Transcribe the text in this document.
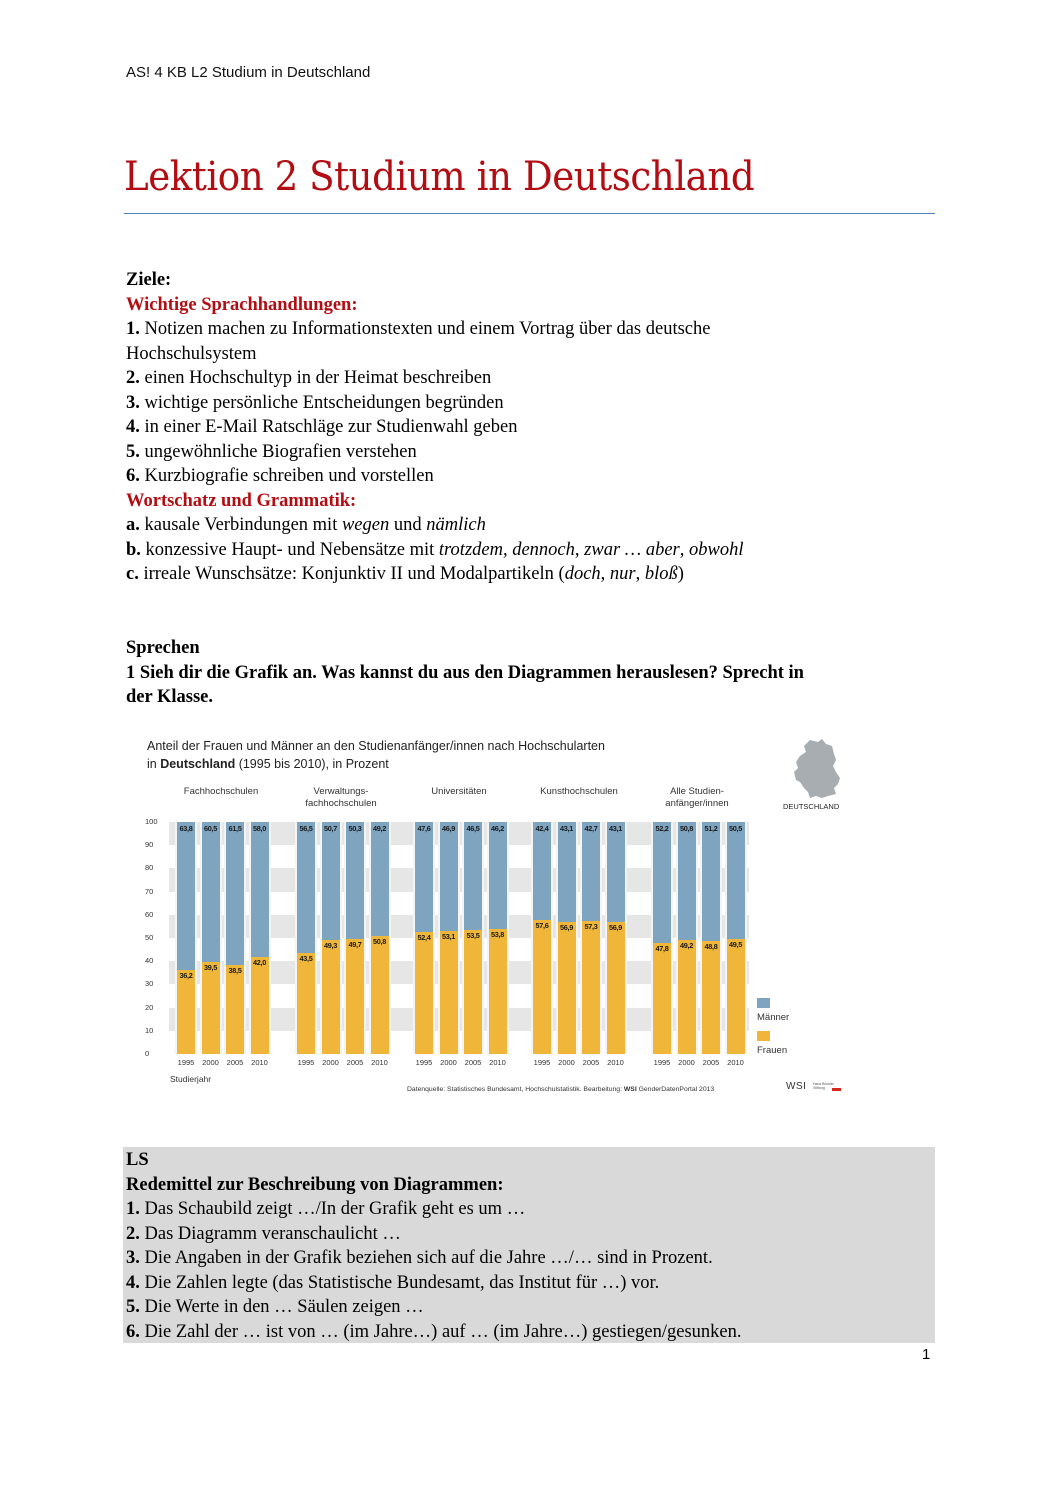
AS! 4 KB L2 Studium in Deutschland
Lektion 2 Studium in Deutschland
Ziele:
Wichtige Sprachhandlungen:
1. Notizen machen zu Informationstexten und einem Vortrag über das deutsche
Hochschulsystem
2. einen Hochschultyp in der Heimat beschreiben
3. wichtige persönliche Entscheidungen begründen
4. in einer E-Mail Ratschläge zur Studienwahl geben
5. ungewöhnliche Biografien verstehen
6. Kurzbiografie schreiben und vorstellen
Wortschatz und Grammatik:
a. kausale Verbindungen mit wegen und nämlich
b. konzessive Haupt- und Nebensätze mit trotzdem, dennoch, zwar … aber, obwohl
c. irreale Wunschsätze: Konjunktiv II und Modalpartikeln (doch, nur, bloß)
Sprechen
1 Sieh dir die Grafik an. Was kannst du aus den Diagrammen herauslesen? Sprecht in
der Klasse.
Anteil der Frauen und Männer an den Studienanfänger/innen nach Hochschularten
in Deutschland (1995 bis 2010), in Prozent
Fachhochschulen	Verwaltungs-
fachhochschulen
Universitäten	Kunsthochschulen	Alle Studien-
anfänger/innen
0
10
20
30
40
50
60
70
80
90
100
63,8
36,2
60,5
39,5
61,5
38,5
58,0
42,0
56,5
43,5
50,7
49,3
50,3
49,7
49,2
50,8
47,6
52,4
46,9
53,1
46,5
53,5
46,2
53,8
42,4
57,6
43,1
56,9
42,7
57,3
43,1
56,9
52,2
47,8
50,8
49,2
51,2
48,8
50,5
49,5
1995	2000	2005	2010	1995	2000	2005	2010	1995	2000	2005	2010	1995	2000	2005	2010	1995	2000	2005	2010
Studierjahr
Datenquelle: Statistisches Bundesamt, Hochschulstatistik. Bearbeitung: WSI GenderDatenPortal 2013
DEUTSCHLAND
Männer
Frauen
WSI Hans Böckler Stiftung
LS
Redemittel zur Beschreibung von Diagrammen:
1. Das Schaubild zeigt …/In der Grafik geht es um …
2. Das Diagramm veranschaulicht …
3. Die Angaben in der Grafik beziehen sich auf die Jahre …/… sind in Prozent.
4. Die Zahlen legte (das Statistische Bundesamt, das Institut für …) vor.
5. Die Werte in den … Säulen zeigen …
6. Die Zahl der … ist von … (im Jahre…) auf … (im Jahre…) gestiegen/gesunken.
1
